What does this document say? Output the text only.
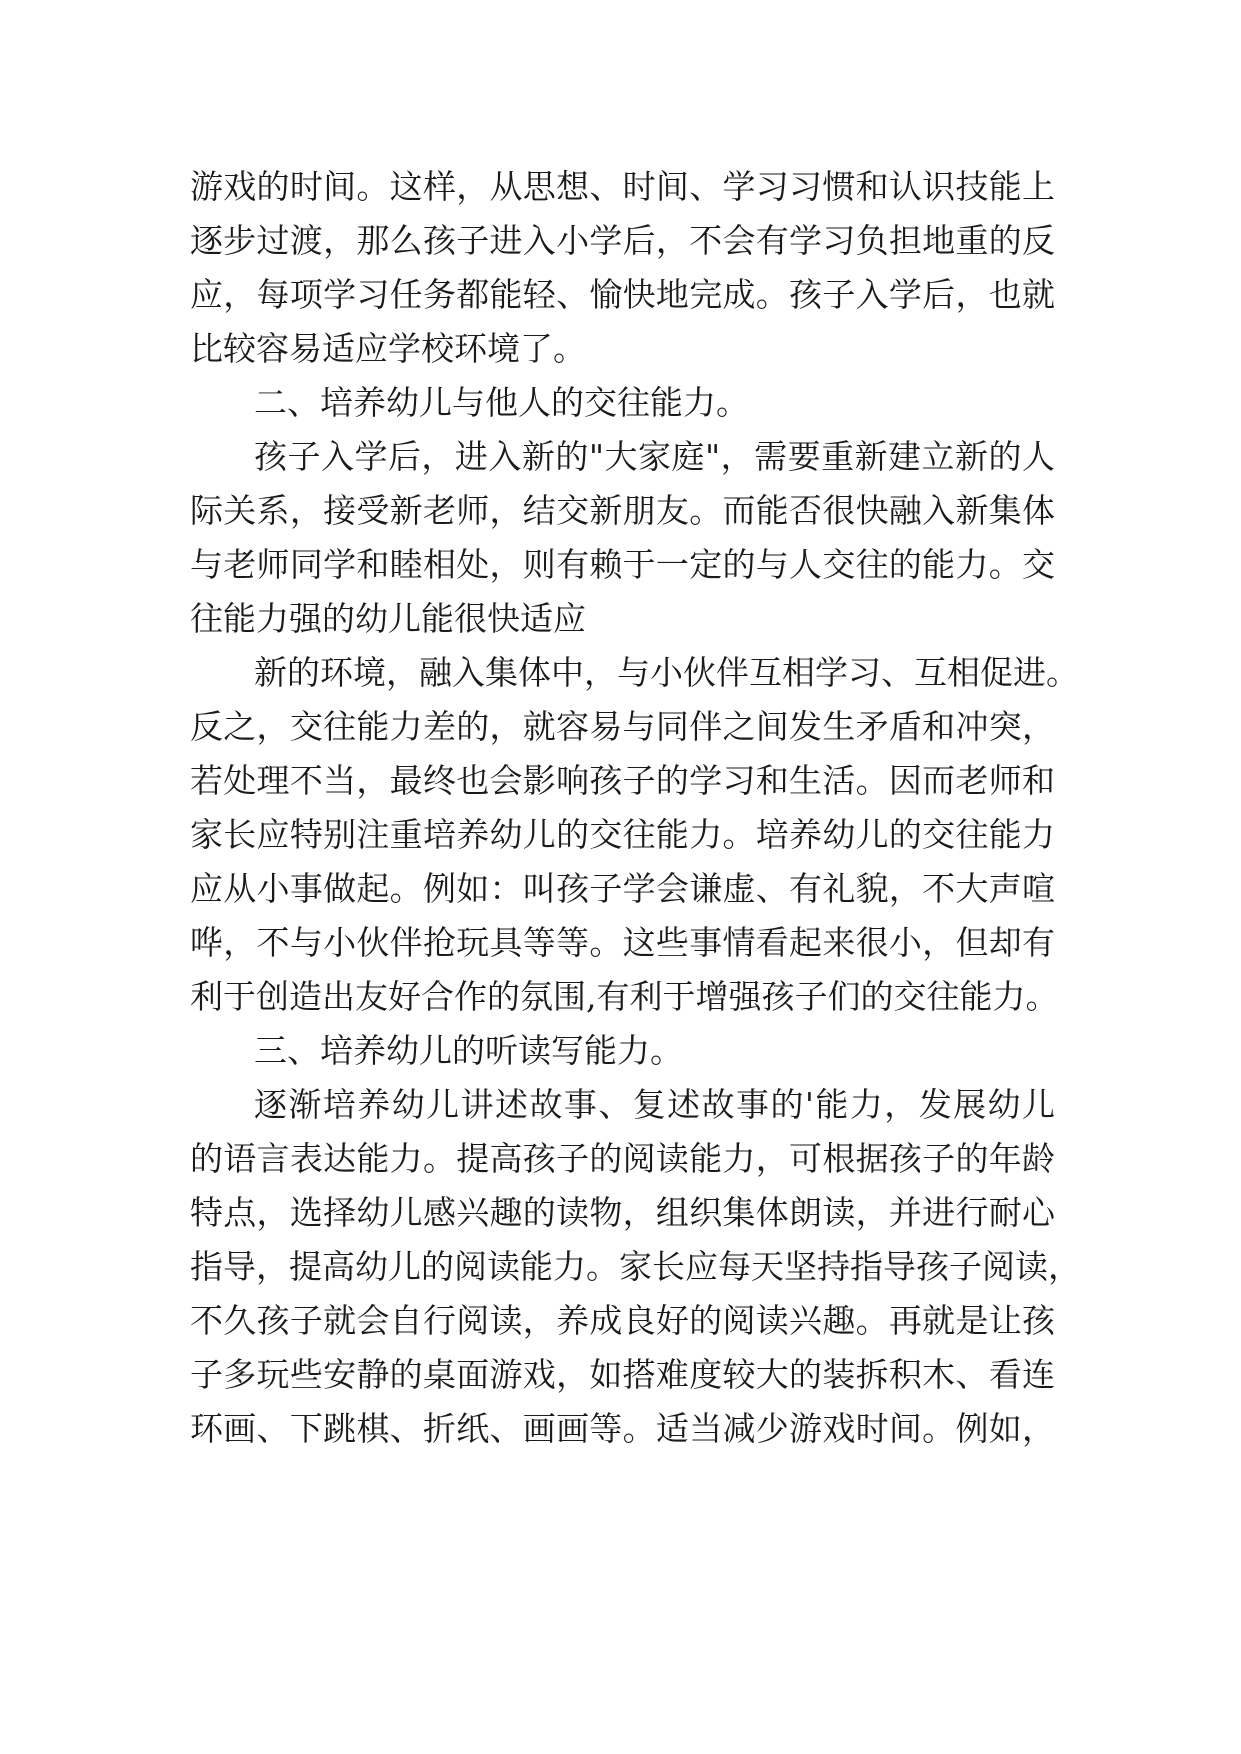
游戏的时间。这样，从思想、时间、学习习惯和认识技能上
逐步过渡，那么孩子进入小学后，不会有学习负担地重的反
应，每项学习任务都能轻、愉快地完成。孩子入学后，也就
比较容易适应学校环境了。
二、培养幼儿与他人的交往能力。
孩子入学后，进入新的"大家庭"，需要重新建立新的人
际关系，接受新老师，结交新朋友。而能否很快融入新集体
与老师同学和睦相处，则有赖于一定的与人交往的能力。交
往能力强的幼儿能很快适应
新的环境，融入集体中，与小伙伴互相学习、互相促进。
反之，交往能力差的，就容易与同伴之间发生矛盾和冲突，
若处理不当，最终也会影响孩子的学习和生活。因而老师和
家长应特别注重培养幼儿的交往能力。培养幼儿的交往能力
应从小事做起。例如：叫孩子学会谦虚、有礼貌，不大声喧
哗，不与小伙伴抢玩具等等。这些事情看起来很小，但却有
利于创造出友好合作的氛围,有利于增强孩子们的交往能力。
三、培养幼儿的听读写能力。
逐渐培养幼儿讲述故事、复述故事的'能力，发展幼儿
的语言表达能力。提高孩子的阅读能力，可根据孩子的年龄
特点，选择幼儿感兴趣的读物，组织集体朗读，并进行耐心
指导，提高幼儿的阅读能力。家长应每天坚持指导孩子阅读，
不久孩子就会自行阅读，养成良好的阅读兴趣。再就是让孩
子多玩些安静的桌面游戏，如搭难度较大的装拆积木、看连
环画、下跳棋、折纸、画画等。适当减少游戏时间。例如，
